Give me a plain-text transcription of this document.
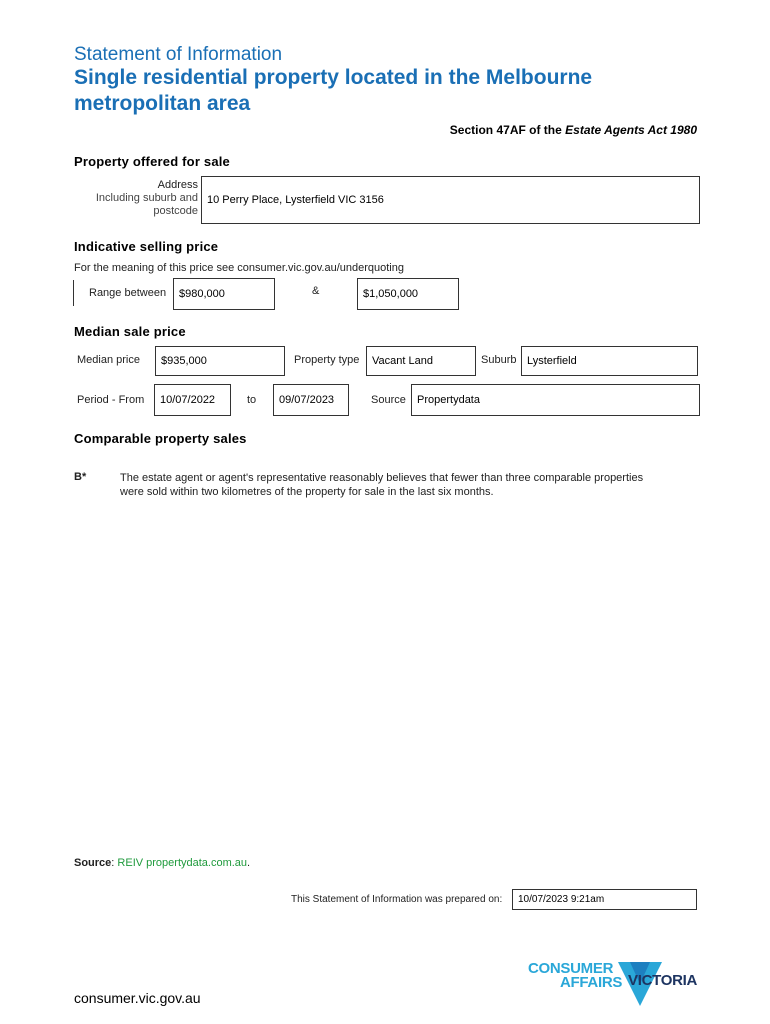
Statement of Information
Single residential property located in the Melbourne
metropolitan area
Section 47AF of the Estate Agents Act 1980
Property offered for sale
Address
Including suburb and
postcode
10 Perry Place, Lysterfield VIC 3156
Indicative selling price
For the meaning of this price see consumer.vic.gov.au/underquoting
Range between $980,000	&	$1,050,000
Median sale price
Median price $935,000	Property type Vacant Land	Suburb Lysterfield
Period - From 10/07/2022	to 09/07/2023	Source Propertydata
Comparable property sales
B*	The estate agent or agent's representative reasonably believes that fewer than three comparable properties
were sold within two kilometres of the property for sale in the last six months.
Source: REIV propertydata.com.au.
This Statement of Information was prepared on: 10/07/2023 9:21am
CONSUMER
AFFAIRS VICTORIA
consumer.vic.gov.au
